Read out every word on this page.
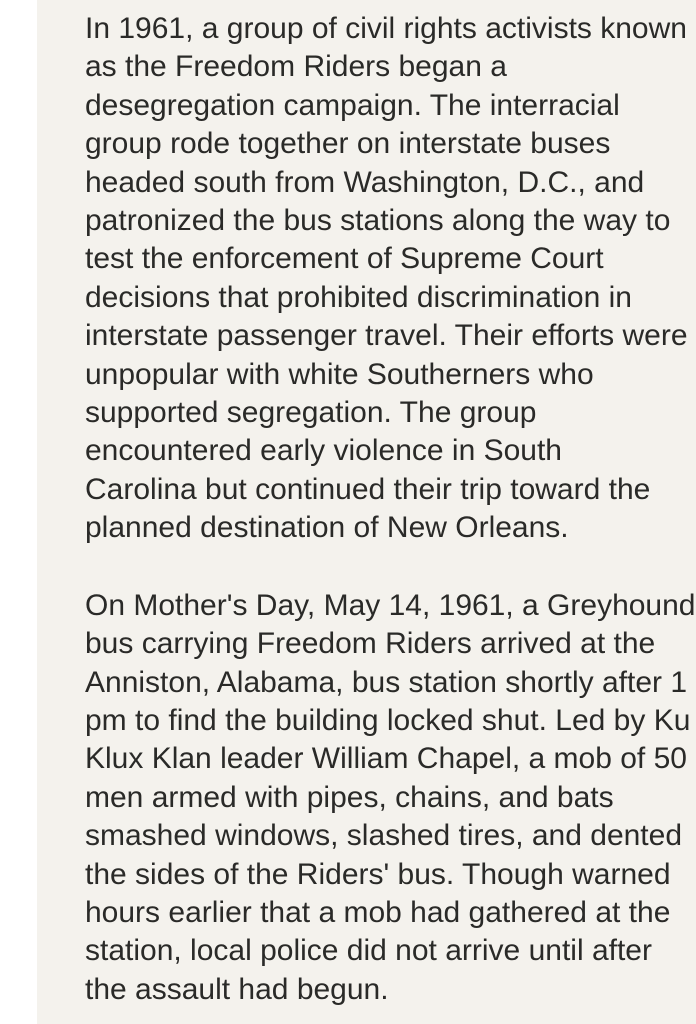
In 1961, a group of civil rights activists known
as the Freedom Riders began a
desegregation campaign. The interracial
group rode together on interstate buses
headed south from Washington, D.C., and
patronized the bus stations along the way to
test the enforcement of Supreme Court
decisions that prohibited discrimination in
interstate passenger travel. Their efforts were
unpopular with white Southerners who
supported segregation. The group
encountered early violence in South
Carolina but continued their trip toward the
planned destination of New Orleans.
On Mother's Day, May 14, 1961, a Greyhound
bus carrying Freedom Riders arrived at the
Anniston, Alabama, bus station shortly after 1
pm to find the building locked shut. Led by Ku
Klux Klan leader William Chapel, a mob of 50
men armed with pipes, chains, and bats
smashed windows, slashed tires, and dented
the sides of the Riders' bus. Though warned
hours earlier that a mob had gathered at the
station, local police did not arrive until after
the assault had begun.
